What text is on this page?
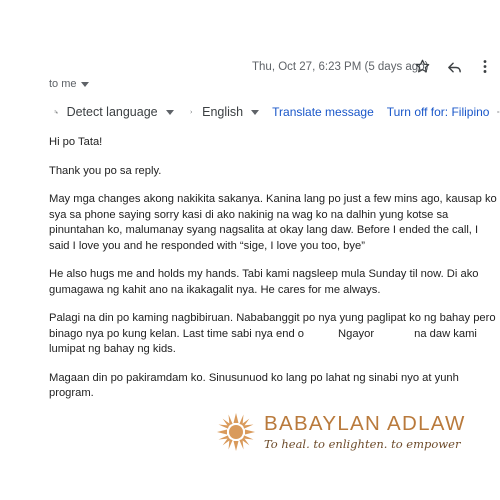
Thu, Oct 27, 6:23 PM (5 days ago)
to me
文
A Detect language	English Translate message Turn off for: Filipino

Hi po Tata!

Thank you po sa reply.

May mga changes akong nakikita sakanya. Kanina lang po just a few mins ago, kausap ko sya sa phone saying sorry kasi di ako nakinig na wag ko na dalhin yung kotse sa pinuntahan ko, malumanay syang nagsalita at okay lang daw. Before I ended the call, I said I love you and he responded with “sige, I love you too, bye”

He also hugs me and holds my hands. Tabi kami nagsleep mula Sunday til now. Di ako gumagawa ng kahit ano na ikakagalit nya. He cares for me always.

Palagi na din po kaming nagbibiruan. Nababanggit po nya yung paglipat ko ng bahay pero binago nya po kung kelan. Last time sabi nya end o	Ngayor	na daw kami lumipat ng bahay ng kids.

Magaan din po pakiramdam ko. Sinusunuod ko lang po lahat ng sinabi nyo at yunh program.

BABAYLAN ADLAW
To heal. to enlighten. to empower
